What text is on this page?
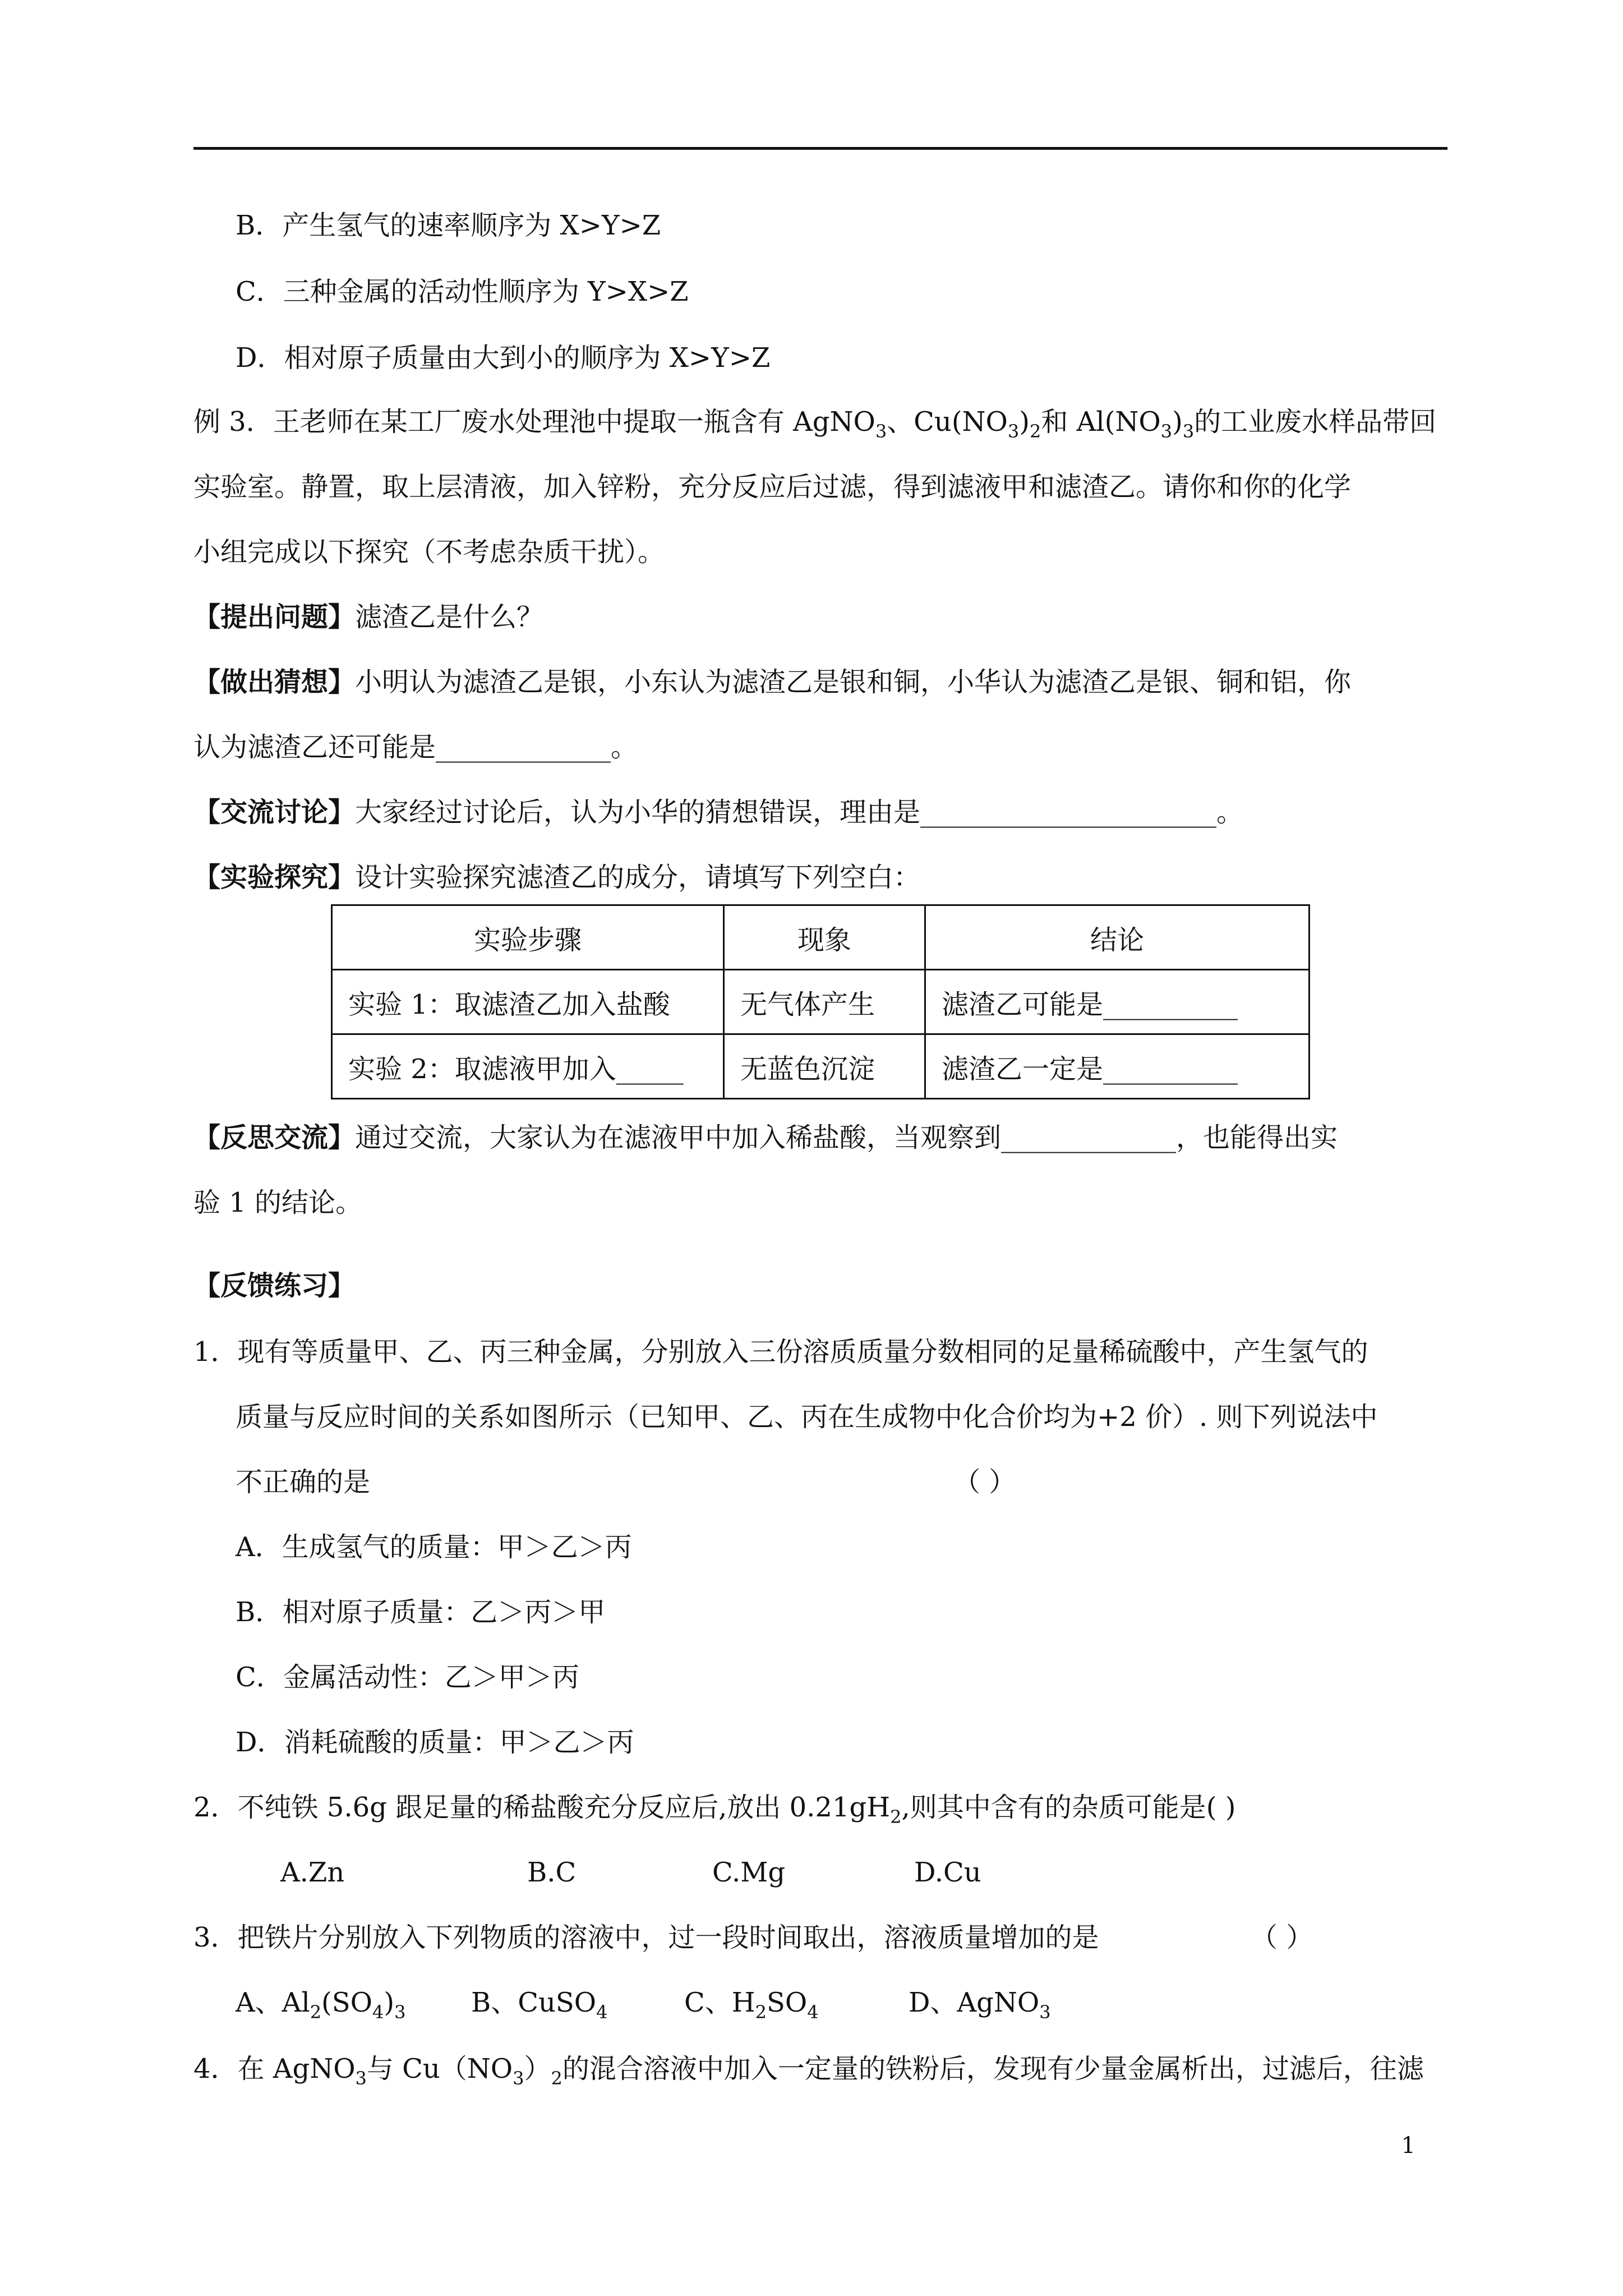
B．产生氢气的速率顺序为 X>Y>Z
C．三种金属的活动性顺序为 Y>X>Z
D．相对原子质量由大到小的顺序为 X>Y>Z
例 3．王老师在某工厂废水处理池中提取一瓶含有 AgNO$_3$、$Cu(NO_3)_2$和 $Al(NO_3)_3$的工业废水样品带回
实验室。静置，取上层清液，加入锌粉，充分反应后过滤，得到滤液甲和滤渣乙。请你和你的化学
小组完成以下探究（不考虑杂质干扰）。
【提出问题】滤渣乙是什么？
【做出猜想】小明认为滤渣乙是银，小东认为滤渣乙是银和铜，小华认为滤渣乙是银、铜和铝，你
认为滤渣乙还可能是_____________。
【交流讨论】大家经过讨论后，认为小华的猜想错误，理由是______________________。
【实验探究】设计实验探究滤渣乙的成分，请填写下列空白：
实验步骤	现象	结论
实验 1：取滤渣乙加入盐酸	无气体产生	滤渣乙可能是__________
实验 2：取滤液甲加入_____	无蓝色沉淀	滤渣乙一定是__________
【反思交流】通过交流，大家认为在滤液甲中加入稀盐酸，当观察到_____________，也能得出实
验 1 的结论。
【反馈练习】
1．现有等质量甲、乙、丙三种金属，分别放入三份溶质质量分数相同的足量稀硫酸中，产生氢气的
质量与反应时间的关系如图所示（已知甲、乙、丙在生成物中化合价均为+2 价）. 则下列说法中
不正确的是	（ ）
A．生成氢气的质量：甲＞乙＞丙
B．相对原子质量：乙＞丙＞甲
C．金属活动性：乙＞甲＞丙
D．消耗硫酸的质量：甲＞乙＞丙
2．不纯铁 5.6g 跟足量的稀盐酸充分反应后,放出 $0.21gH_2$,则其中含有的杂质可能是( )
A.Zn	B.C	C.Mg	D.Cu
3．把铁片分别放入下列物质的溶液中，过一段时间取出，溶液质量增加的是	（ ）
A、$Al_2(SO_4)_3$ B、CuSO$_4$	C、$H_2SO_4$	D、AgNO$_3$
4．在 AgNO$_3$与 $Cu(NO_3)_2$的混合溶液中加入一定量的铁粉后，发现有少量金属析出，过滤后，往滤
1
